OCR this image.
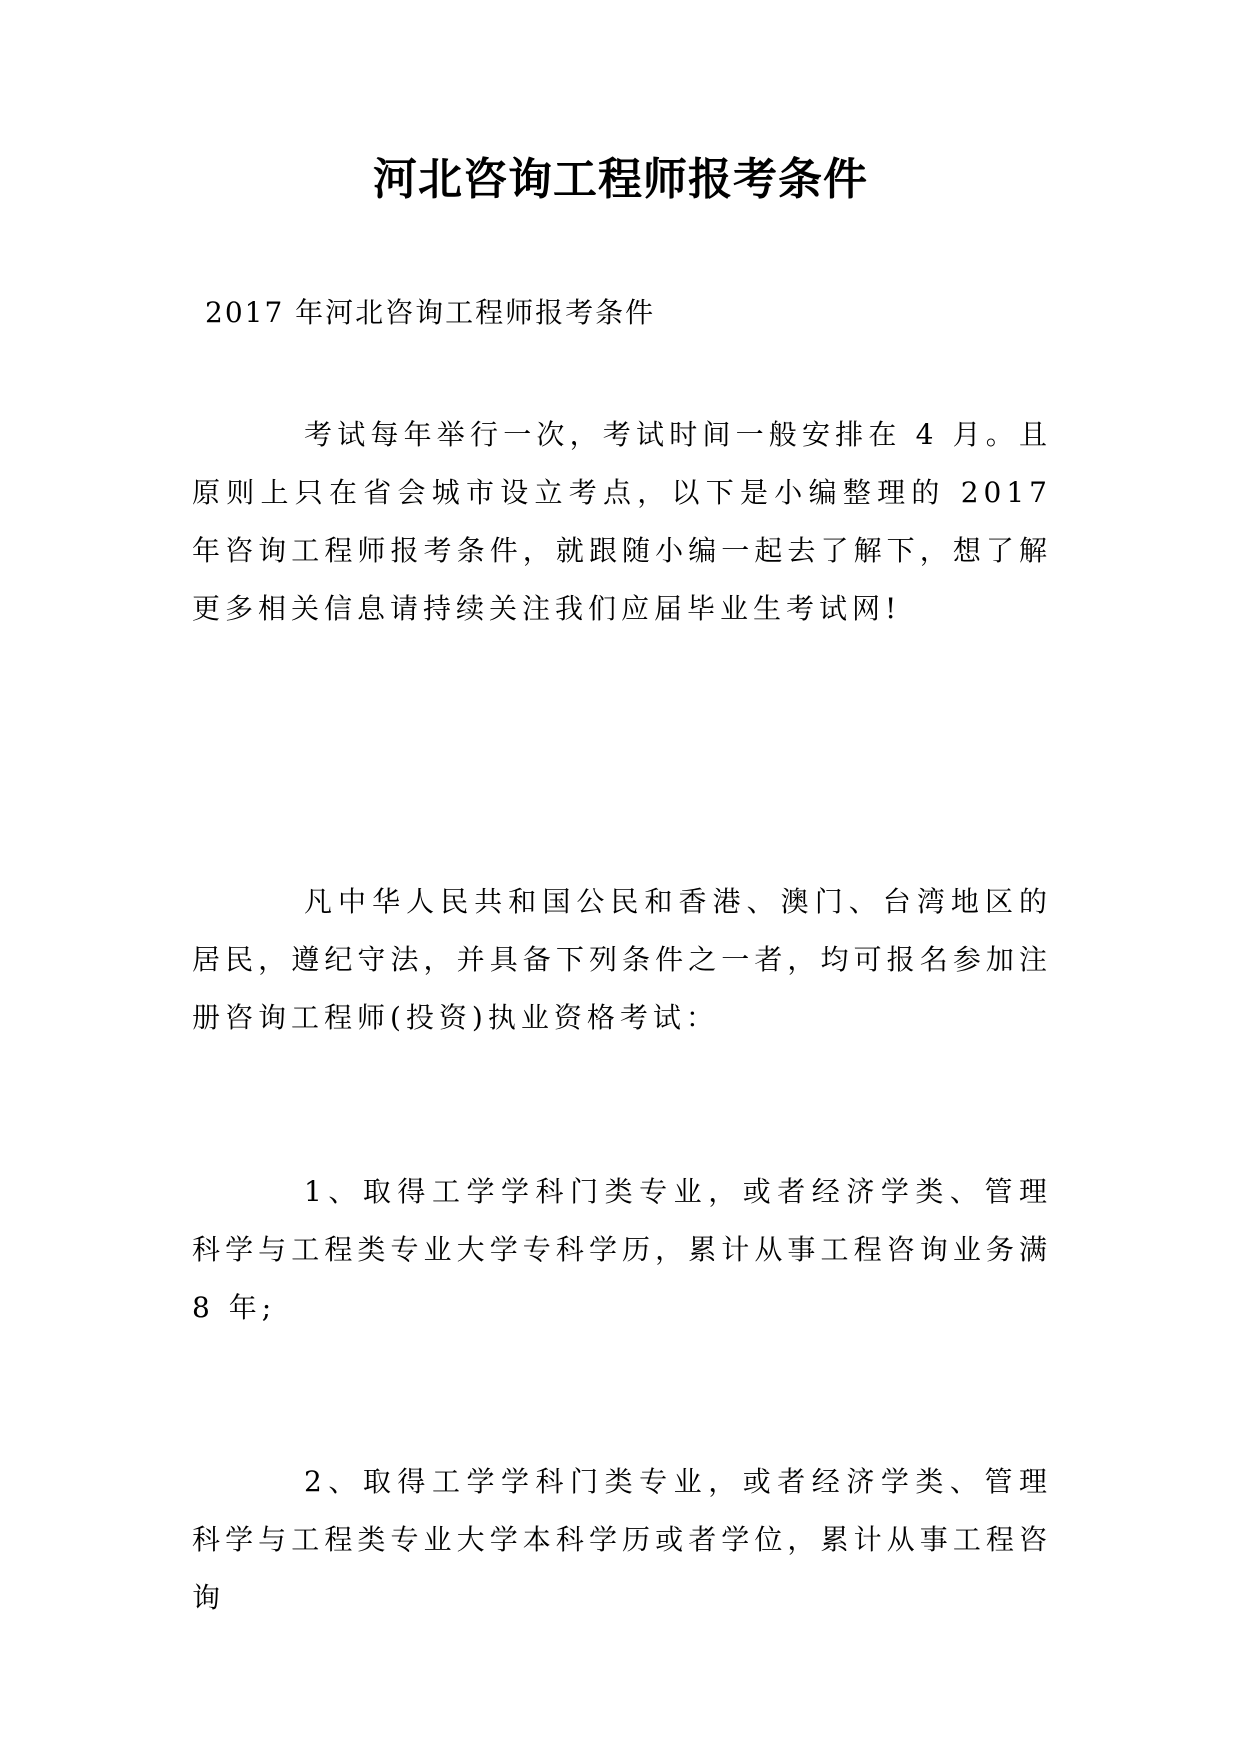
河北咨询工程师报考条件
2017 年河北咨询工程师报考条件

考试每年举行一次，考试时间一般安排在 4 月。且原则上只在省会城市设立考点，以下是小编整理的 2017 年咨询工程师报考条件，就跟随小编一起去了解下，想了解更多相关信息请持续关注我们应届毕业生考试网!

凡中华人民共和国公民和香港、澳门、台湾地区的居民，遵纪守法，并具备下列条件之一者，均可报名参加注册咨询工程师(投资)执业资格考试：

1、取得工学学科门类专业，或者经济学类、管理科学与工程类专业大学专科学历，累计从事工程咨询业务满 8 年;

2、取得工学学科门类专业，或者经济学类、管理科学与工程类专业大学本科学历或者学位，累计从事工程咨询
